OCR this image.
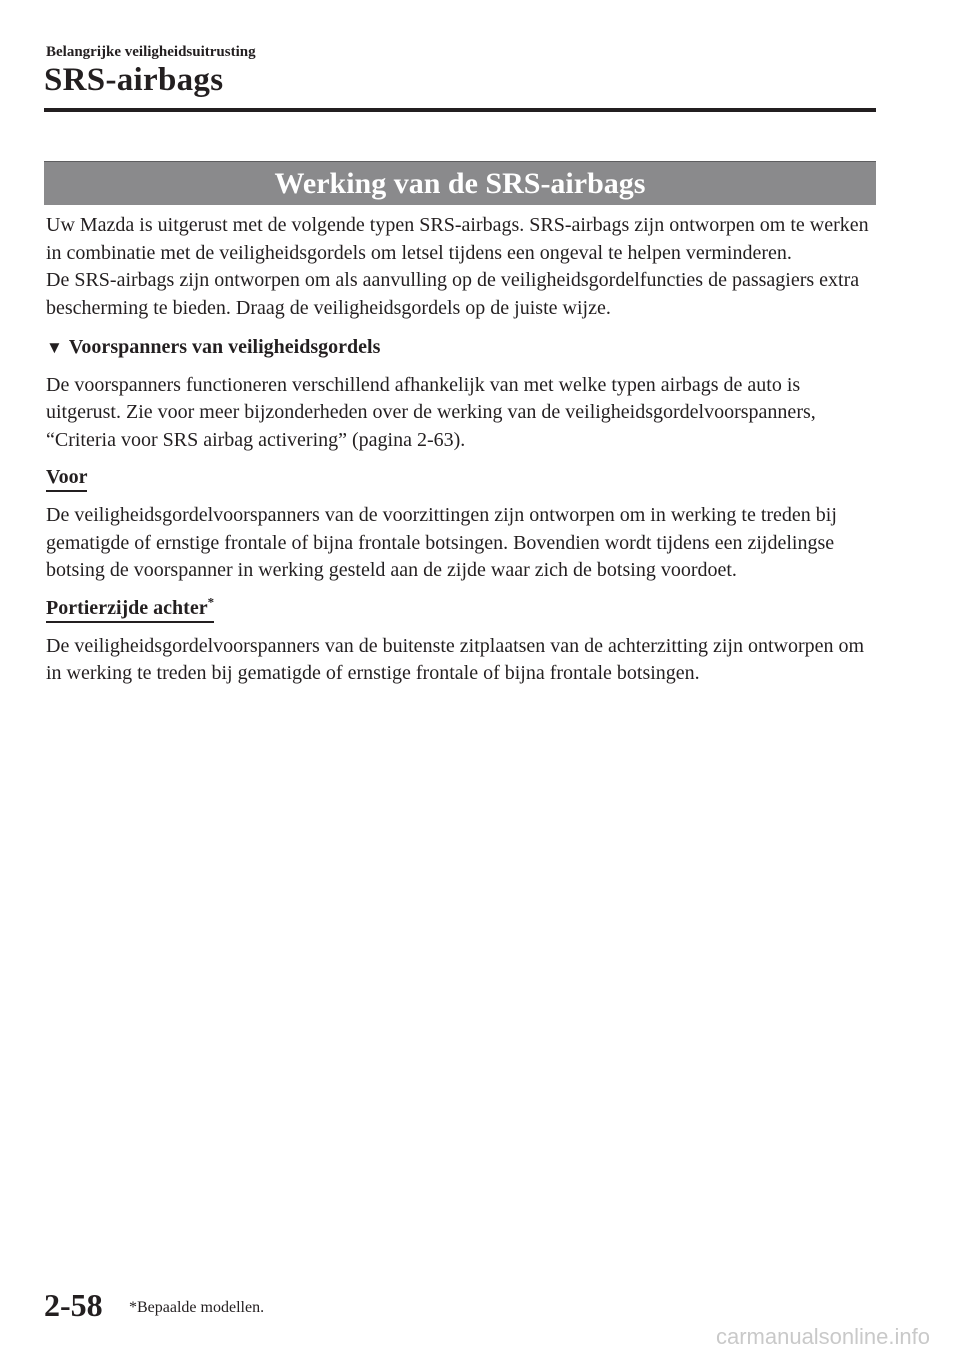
Belangrijke veiligheidsuitrusting
SRS-airbags
Werking van de SRS-airbags

Uw Mazda is uitgerust met de volgende typen SRS-airbags. SRS-airbags zijn ontworpen om te werken in combinatie met de veiligheidsgordels om letsel tijdens een ongeval te helpen verminderen.

De SRS-airbags zijn ontworpen om als aanvulling op de veiligheidsgordelfuncties de passagiers extra bescherming te bieden. Draag de veiligheidsgordels op de juiste wijze.

▼ Voorspanners van veiligheidsgordels

De voorspanners functioneren verschillend afhankelijk van met welke typen airbags de auto is uitgerust. Zie voor meer bijzonderheden over de werking van de veiligheidsgordelvoorspanners, “Criteria voor SRS airbag activering” (pagina 2-63).

Voor

De veiligheidsgordelvoorspanners van de voorzittingen zijn ontworpen om in werking te treden bij gematigde of ernstige frontale of bijna frontale botsingen. Bovendien wordt tijdens een zijdelingse botsing de voorspanner in werking gesteld aan de zijde waar zich de botsing voordoet.

Portierzijde achter*

De veiligheidsgordelvoorspanners van de buitenste zitplaatsen van de achterzitting zijn ontworpen om in werking te treden bij gematigde of ernstige frontale of bijna frontale botsingen.

2-58 *Bepaalde modellen.
carmanualsonline.info
